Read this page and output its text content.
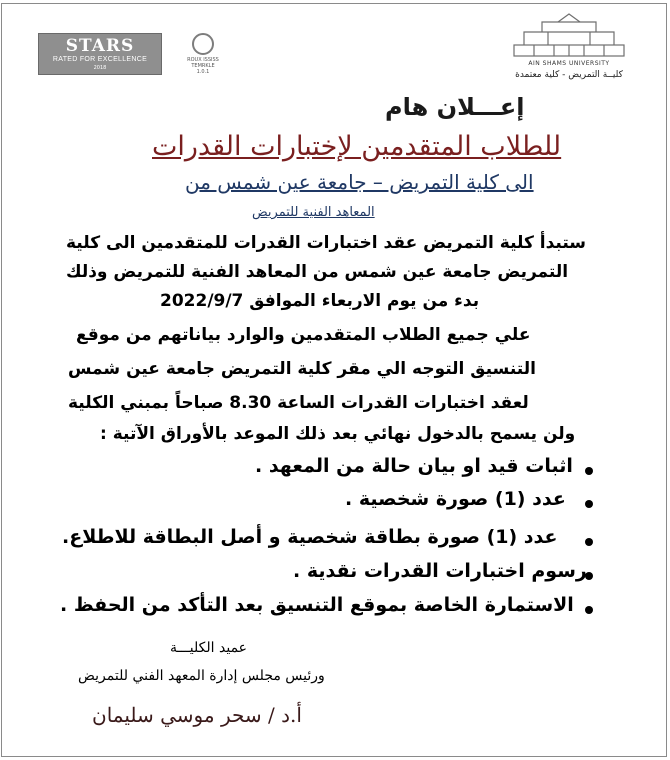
STARS
RATED FOR EXCELLENCE
2018
ROUX ISSISS
TEMRKLE 1.0.1
AIN SHAMS UNIVERSITY
كليــة التمريض - كلية معتمدة
إعـــلان هام
للطلاب المتقدمين لإختبارات القدرات
الى كلية التمريض – جامعة عين شمس من
المعاهد الفنية للتمريض
ستبدأ كلية التمريض عقد اختبارات القدرات للمتقدمين الى كلية
التمريض جامعة عين شمس من المعاهد الفنية للتمريض وذلك
بدء من يوم الاربعاء الموافق 2022/9/7
علي جميع الطلاب المتقدمين والوارد بياناتهم من موقع
التنسيق التوجه الي مقر كلية التمريض جامعة عين شمس
لعقد اختبارات القدرات الساعة 8.30 صباحاً بمبني الكلية
ولن يسمح بالدخول نهائي بعد ذلك الموعد بالأوراق الآتية :
اثبات قيد او بيان حالة من المعهد .
عدد (1) صورة شخصية .
عدد (1) صورة بطاقة شخصية و أصل البطاقة للاطلاع.
رسوم اختبارات القدرات نقدية .
الاستمارة الخاصة بموقع التنسيق بعد التأكد من الحفظ .
عميد الكليـــة
ورئيس مجلس إدارة المعهد الفني للتمريض
أ.د / سحر موسي سليمان
